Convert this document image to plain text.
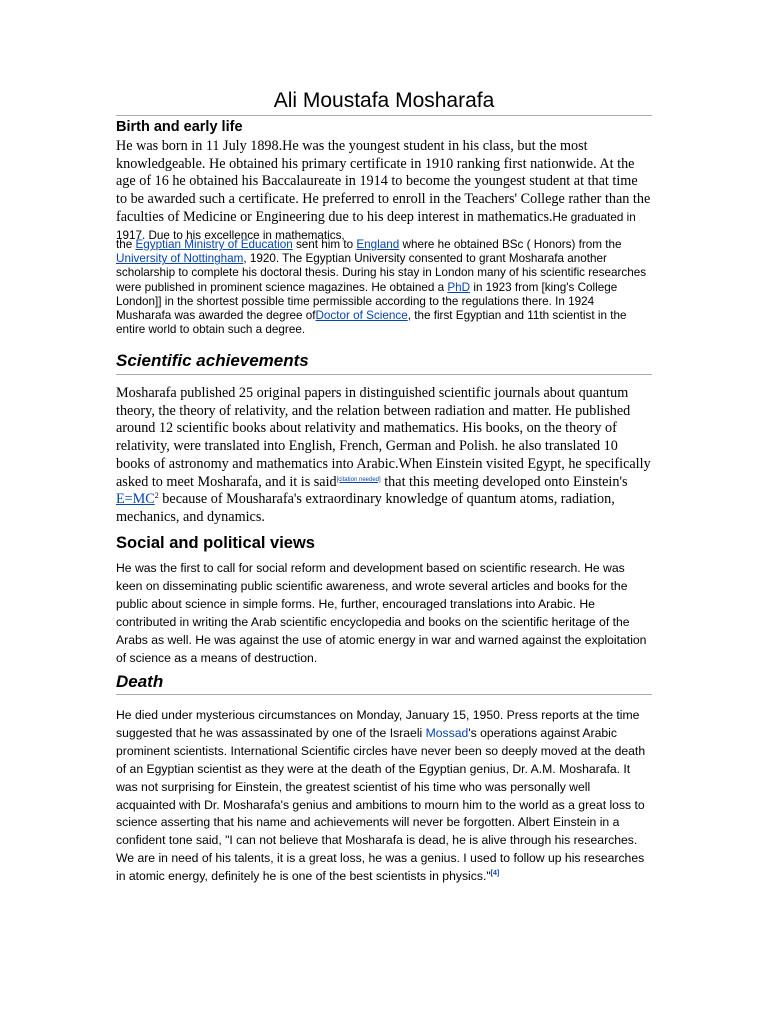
Ali Moustafa Mosharafa
Birth and early life
He was born in 11 July 1898.He was the youngest student in his class, but the most knowledgeable. He obtained his primary certificate in 1910 ranking first nationwide. At the age of 16 he obtained his Baccalaureate in 1914 to become the youngest student at that time to be awarded such a certificate. He preferred to enroll in the Teachers' College rather than the faculties of Medicine or Engineering due to his deep interest in mathematics.He graduated in 1917. Due to his excellence in mathematics,
the Egyptian Ministry of Education sent him to England where he obtained BSc ( Honors) from the University of Nottingham, 1920. The Egyptian University consented to grant Mosharafa another scholarship to complete his doctoral thesis. During his stay in London many of his scientific researches were published in prominent science magazines. He obtained a PhD in 1923 from [king's College London]] in the shortest possible time permissible according to the regulations there. In 1924 Musharafa was awarded the degree ofDoctor of Science, the first Egyptian and 11th scientist in the entire world to obtain such a degree.
Scientific achievements
Mosharafa published 25 original papers in distinguished scientific journals about quantum theory, the theory of relativity, and the relation between radiation and matter. He published around 12 scientific books about relativity and mathematics. His books, on the theory of relativity, were translated into English, French, German and Polish. he also translated 10 books of astronomy and mathematics into Arabic.When Einstein visited Egypt, he specifically asked to meet Mosharafa, and it is said[citation needed] that this meeting developed onto Einstein's $E=MC^2$ because of Mousharafa's extraordinary knowledge of quantum atoms, radiation, mechanics, and dynamics.
Social and political views
He was the first to call for social reform and development based on scientific research. He was keen on disseminating public scientific awareness, and wrote several articles and books for the public about science in simple forms. He, further, encouraged translations into Arabic. He contributed in writing the Arab scientific encyclopedia and books on the scientific heritage of the Arabs as well. He was against the use of atomic energy in war and warned against the exploitation of science as a means of destruction.
Death
He died under mysterious circumstances on Monday, January 15, 1950. Press reports at the time suggested that he was assassinated by one of the Israeli Mossad's operations against Arabic prominent scientists. International Scientific circles have never been so deeply moved at the death of an Egyptian scientist as they were at the death of the Egyptian genius, Dr. A.M. Mosharafa. It was not surprising for Einstein, the greatest scientist of his time who was personally well acquainted with Dr. Mosharafa's genius and ambitions to mourn him to the world as a great loss to science asserting that his name and achievements will never be forgotten. Albert Einstein in a confident tone said, "I can not believe that Mosharafa is dead, he is alive through his researches. We are in need of his talents, it is a great loss, he was a genius. I used to follow up his researches in atomic energy, definitely he is one of the best scientists in physics."[4]
